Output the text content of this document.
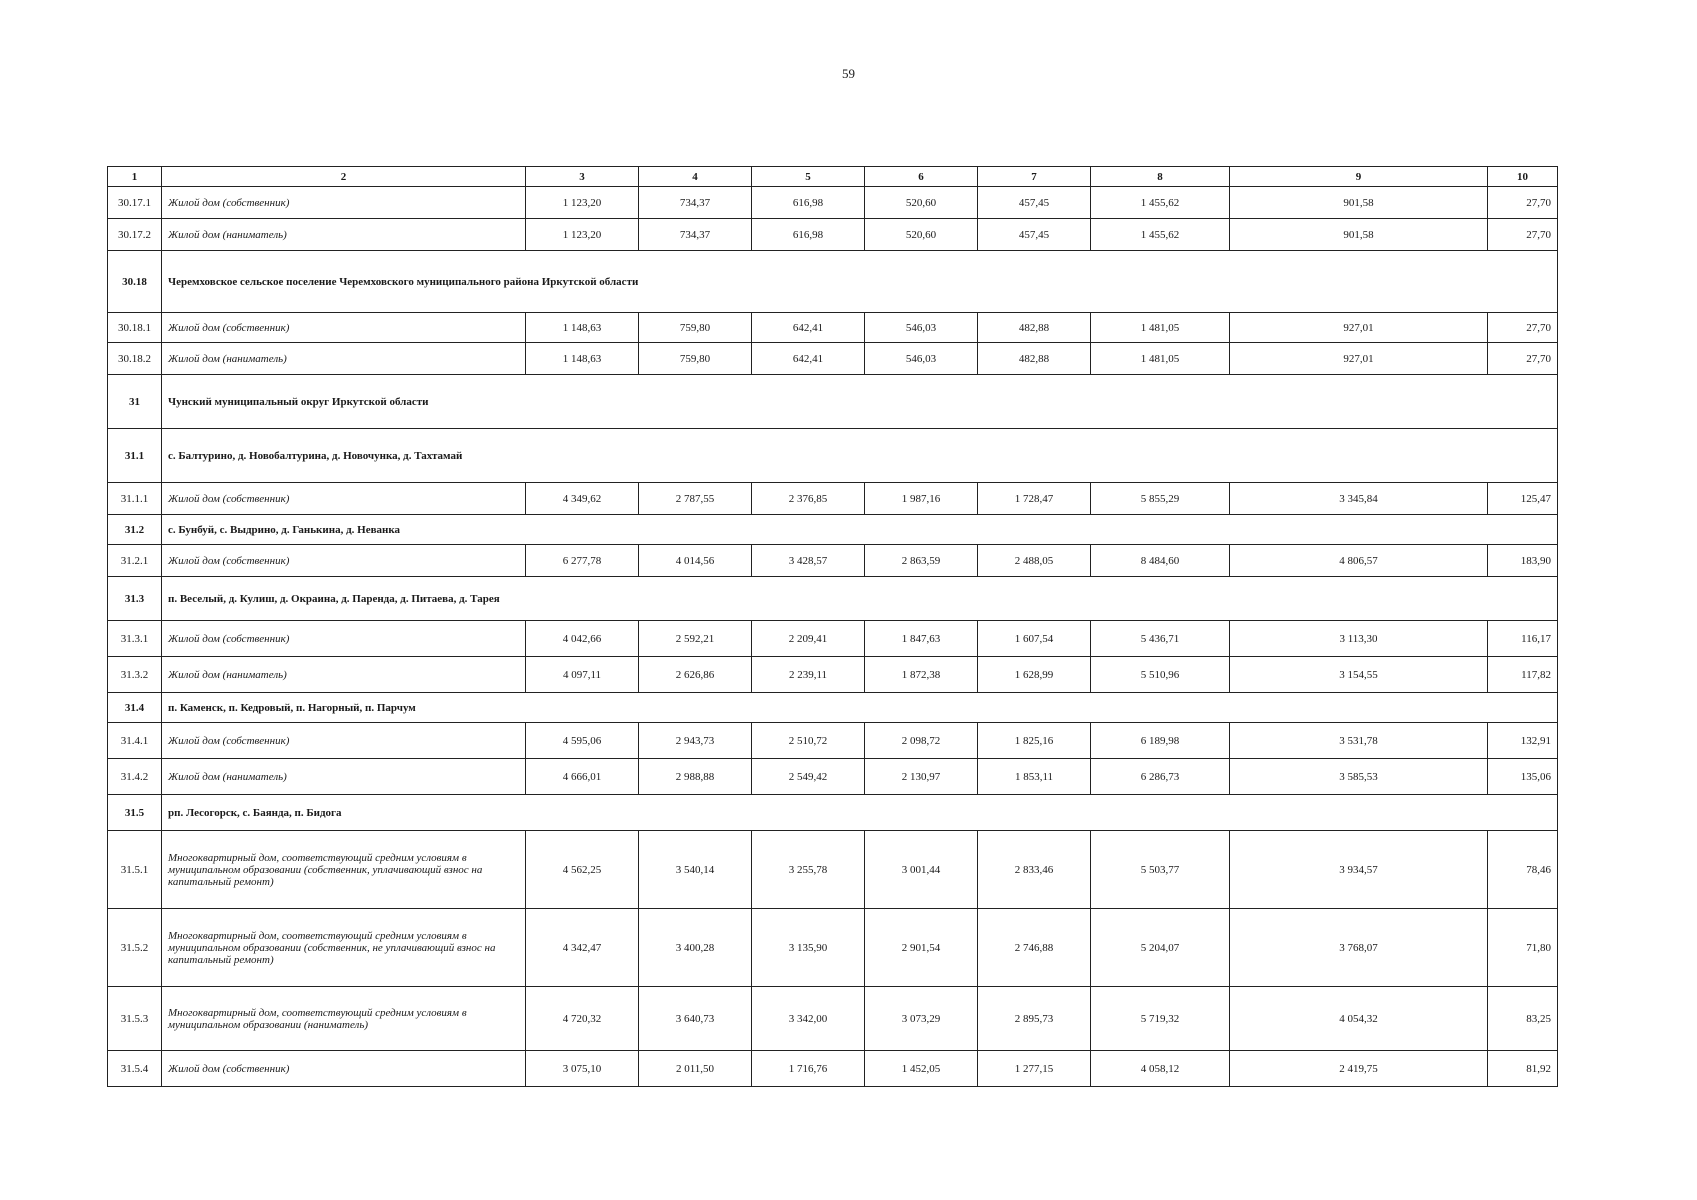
59
1	2	3	4	5	6	7	8	9	10
30.17.1	Жилой дом (собственник)	1 123,20	734,37	616,98	520,60	457,45	1 455,62	901,58	27,70
30.17.2	Жилой дом (наниматель)	1 123,20	734,37	616,98	520,60	457,45	1 455,62	901,58	27,70
30.18	Черемховское сельское поселение Черемховского муниципального района Иркутской области								
30.18.1	Жилой дом (собственник)	1 148,63	759,80	642,41	546,03	482,88	1 481,05	927,01	27,70
30.18.2	Жилой дом (наниматель)	1 148,63	759,80	642,41	546,03	482,88	1 481,05	927,01	27,70
31	Чунский муниципальный округ Иркутской области								
31.1	с. Балтурино, д. Новобалтурина, д. Новочунка, д. Тахтамай								
31.1.1	Жилой дом (собственник)	4 349,62	2 787,55	2 376,85	1 987,16	1 728,47	5 855,29	3 345,84	125,47
31.2	с. Бунбуй, с. Выдрино, д. Ганькина, д. Неванка								
31.2.1	Жилой дом (собственник)	6 277,78	4 014,56	3 428,57	2 863,59	2 488,05	8 484,60	4 806,57	183,90
31.3	п. Веселый, д. Кулиш, д. Окраина, д. Паренда, д. Питаева, д. Тарея								
31.3.1	Жилой дом (собственник)	4 042,66	2 592,21	2 209,41	1 847,63	1 607,54	5 436,71	3 113,30	116,17
31.3.2	Жилой дом (наниматель)	4 097,11	2 626,86	2 239,11	1 872,38	1 628,99	5 510,96	3 154,55	117,82
31.4	п. Каменск, п. Кедровый, п. Нагорный, п. Парчум								
31.4.1	Жилой дом (собственник)	4 595,06	2 943,73	2 510,72	2 098,72	1 825,16	6 189,98	3 531,78	132,91
31.4.2	Жилой дом (наниматель)	4 666,01	2 988,88	2 549,42	2 130,97	1 853,11	6 286,73	3 585,53	135,06
31.5	рп. Лесогорск, с. Баянда, п. Бидога								
31.5.1	Многоквартирный дом, соответствующий средним условиям в муниципальном образовании (собственник, уплачивающий взнос на капитальный ремонт)	4 562,25	3 540,14	3 255,78	3 001,44	2 833,46	5 503,77	3 934,57	78,46
31.5.2	Многоквартирный дом, соответствующий средним условиям в муниципальном образовании (собственник, не уплачивающий взнос на капитальный ремонт)	4 342,47	3 400,28	3 135,90	2 901,54	2 746,88	5 204,07	3 768,07	71,80
31.5.3	Многоквартирный дом, соответствующий средним условиям в муниципальном образовании (наниматель)	4 720,32	3 640,73	3 342,00	3 073,29	2 895,73	5 719,32	4 054,32	83,25
31.5.4	Жилой дом (собственник)	3 075,10	2 011,50	1 716,76	1 452,05	1 277,15	4 058,12	2 419,75	81,92
